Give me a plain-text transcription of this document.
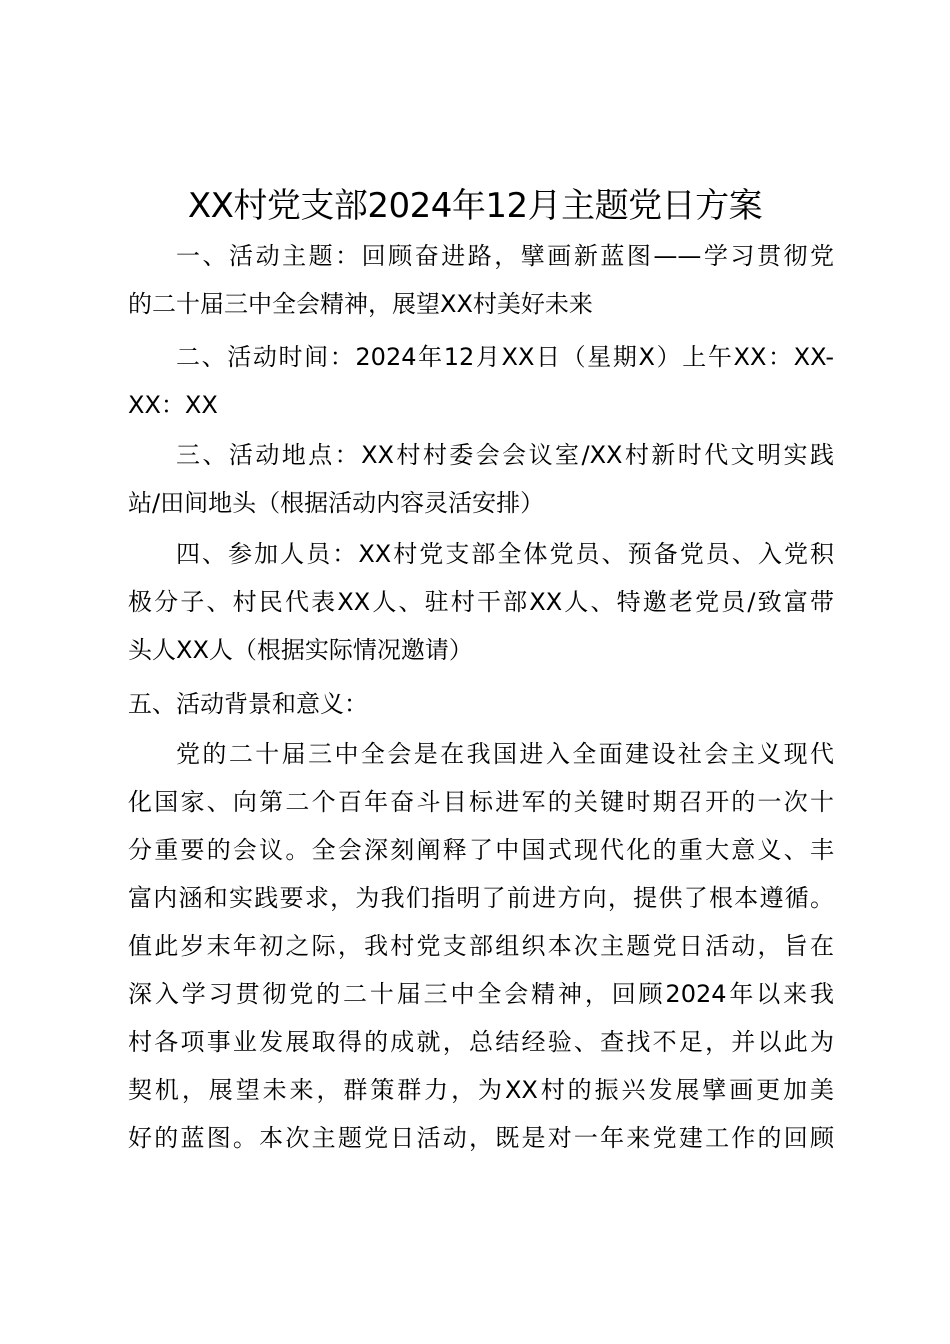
XX村党支部2024年12月主题党日方案
一、活动主题：回顾奋进路，擘画新蓝图——学习贯彻党
的二十届三中全会精神，展望XX村美好未来
二、活动时间：2024年12月XX日（星期X）上午XX：XX-
XX：XX
三、活动地点：XX村村委会会议室/XX村新时代文明实践
站/田间地头（根据活动内容灵活安排）
四、参加人员：XX村党支部全体党员、预备党员、入党积
极分子、村民代表XX人、驻村干部XX人、特邀老党员/致富带
头人XX人（根据实际情况邀请）
五、活动背景和意义：
党的二十届三中全会是在我国进入全面建设社会主义现代
化国家、向第二个百年奋斗目标进军的关键时期召开的一次十
分重要的会议。全会深刻阐释了中国式现代化的重大意义、丰
富内涵和实践要求，为我们指明了前进方向，提供了根本遵循。
值此岁末年初之际，我村党支部组织本次主题党日活动，旨在
深入学习贯彻党的二十届三中全会精神，回顾2024年以来我
村各项事业发展取得的成就，总结经验、查找不足，并以此为
契机，展望未来，群策群力，为XX村的振兴发展擘画更加美
好的蓝图。本次主题党日活动，既是对一年来党建工作的回顾
